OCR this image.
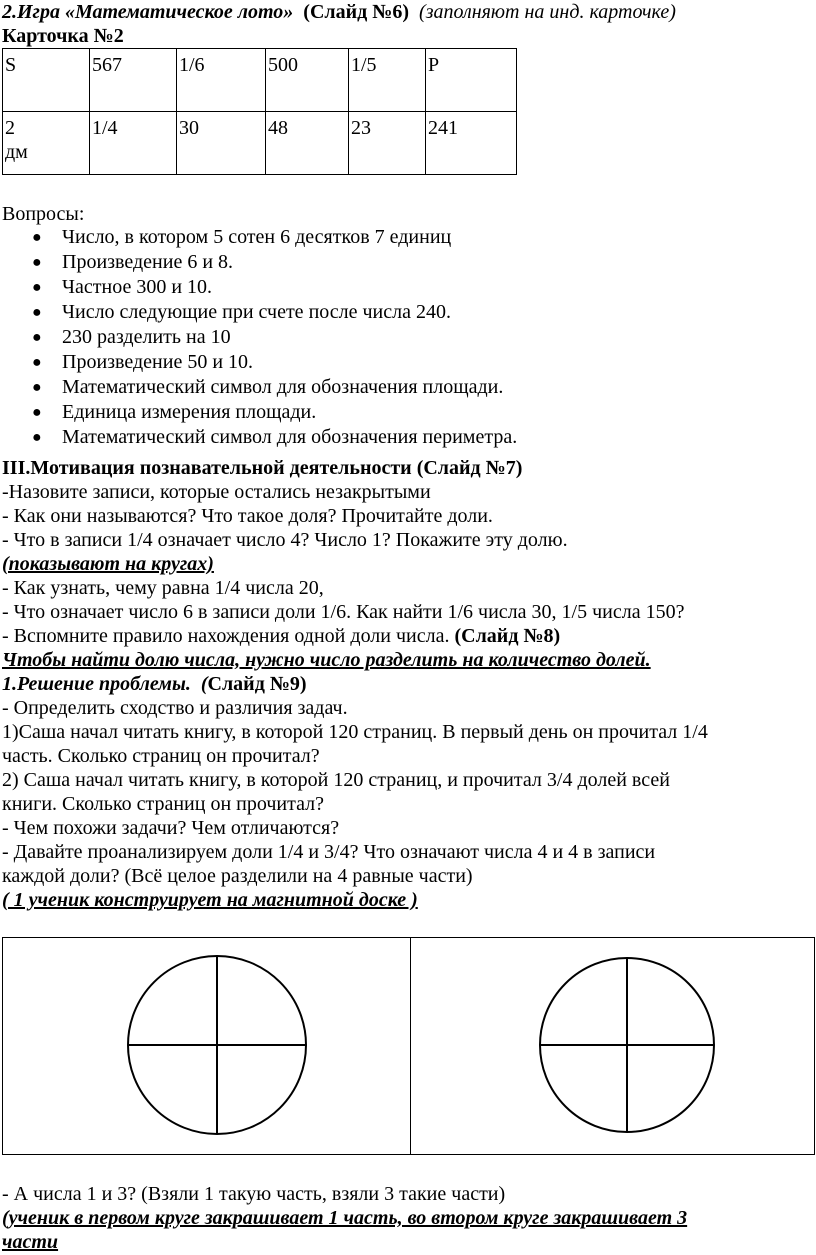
2.Игра «Математическое лото» (Слайд №6) (заполняют на инд. карточке)
Карточка №2
S	567	1/6	500	1/5	P

2
дм	1/4	30	48	23	241
Вопросы:
● Число, в котором 5 сотен 6 десятков 7 единиц
● Произведение 6 и 8.
● Частное 300 и 10.
● Число следующие при счете после числа 240.
● 230 разделить на 10
● Произведение 50 и 10.
● Математический символ для обозначения площади.
● Единица измерения площади.
● Математический символ для обозначения периметра.
III.Мотивация познавательной деятельности (Слайд №7)
-Назовите записи, которые остались незакрытыми
- Как они называются? Что такое доля? Прочитайте доли.
- Что в записи 1/4 означает число 4? Число 1? Покажите эту долю.
(показывают на кругах)
- Как узнать, чему равна 1/4 числа 20,
- Что означает число 6 в записи доли 1/6. Как найти 1/6 числа 30, 1/5 числа 150?
- Вспомните правило нахождения одной доли числа. (Слайд №8)
Чтобы найти долю числа, нужно число разделить на количество долей.
1.Решение проблемы. (Слайд №9)
- Определить сходство и различия задач.
1)Саша начал читать книгу, в которой 120 страниц. В первый день он прочитал 1/4
часть. Сколько страниц он прочитал?
2) Саша начал читать книгу, в которой 120 страниц, и прочитал 3/4 долей всей
книги. Сколько страниц он прочитал?
- Чем похожи задачи? Чем отличаются?
- Давайте проанализируем доли 1/4 и 3/4? Что означают числа 4 и 4 в записи
каждой доли? (Всё целое разделили на 4 равные части)
( 1 ученик конструирует на магнитной доске )
- А числа 1 и 3? (Взяли 1 такую часть, взяли 3 такие части)
(ученик в первом круге закрашивает 1 часть, во втором круге закрашивает 3
части
